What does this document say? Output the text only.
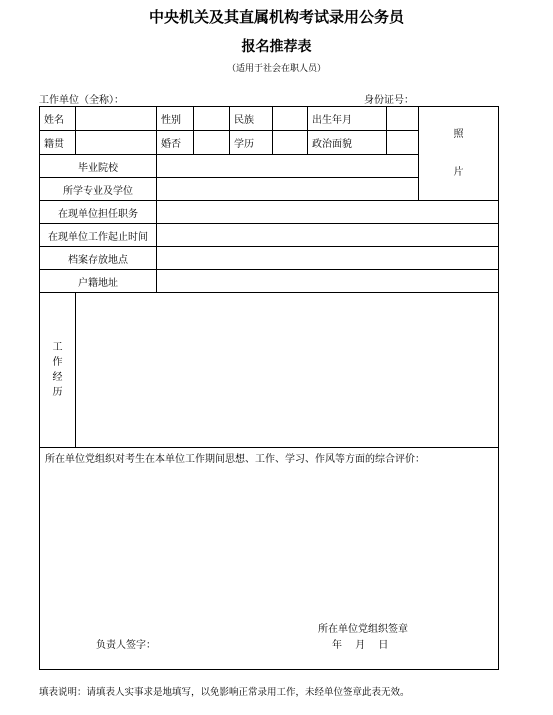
中央机关及其直属机构考试录用公务员
报名推荐表
（适用于社会在职人员）
工作单位（全称）：	身份证号：
姓名		性别		民族		出生年月		照
片

籍贯		婚否		学历		政治面貌		
毕业院校								
所学专业及学位								
在现单位担任职务								
在现单位工作起止时间								
档案存放地点								
户籍地址								

工
作
经
历								

所在单位党组织对考生在本单位工作期间思想、工作、学习、作风等方面的综合评价：
所在单位党组织签章
年 月 日
负责人签字：								
填表说明：请填表人实事求是地填写，以免影响正常录用工作，未经单位签章此表无效。
